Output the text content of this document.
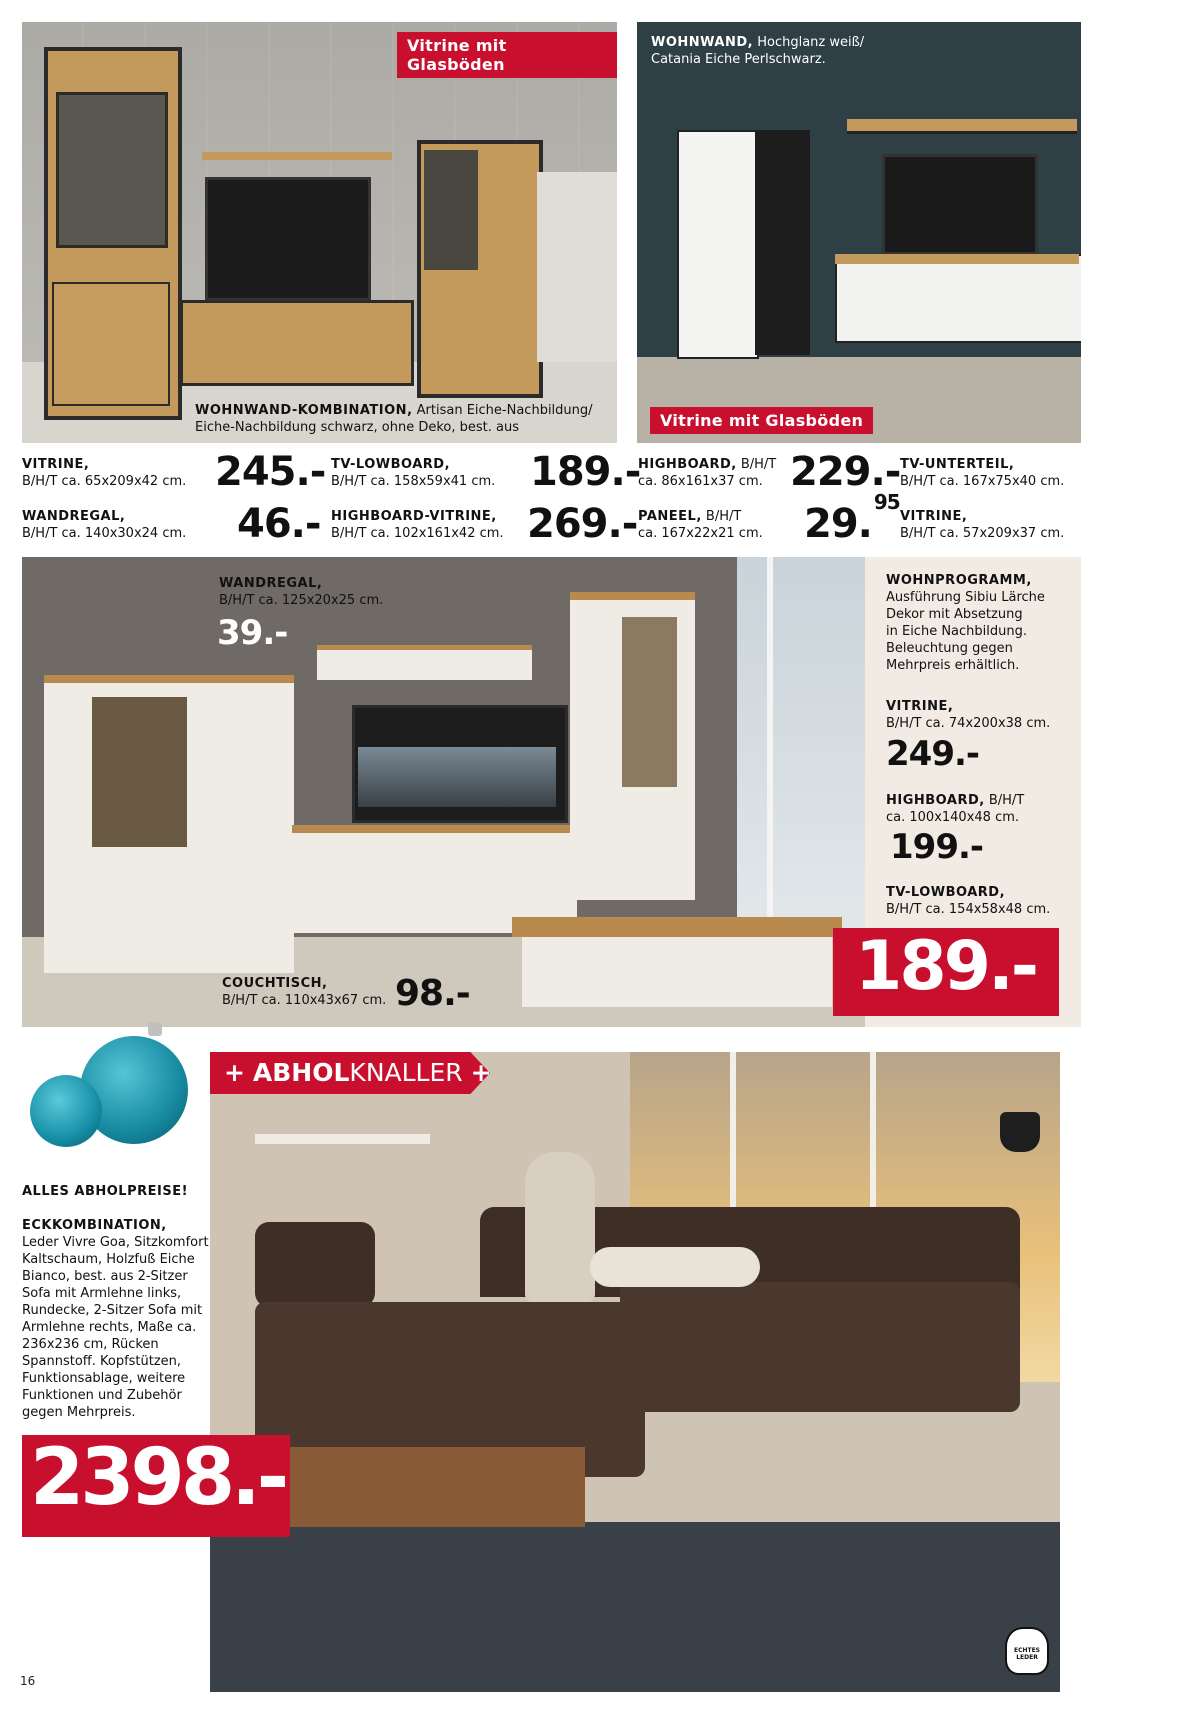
Vitrine mit Glasböden
WOHNWAND-KOMBINATION, Artisan Eiche-Nachbildung/
Eiche-Nachbildung schwarz, ohne Deko, best. aus
WOHNWAND, Hochglanz weiß/
Catania Eiche Perlschwarz.
Vitrine mit Glasböden
VITRINE,
B/H/T ca. 65x209x42 cm. 245.- TV-LOWBOARD,
B/H/T ca. 158x59x41 cm. 189.-
HIGHBOARD, B/H/T
ca. 86x161x37 cm. 229.- TV-UNTERTEIL,
B/H/T ca. 167x75x40 cm.
WANDREGAL,
B/H/T ca. 140x30x24 cm.	46.- HIGHBOARD-VITRINE,
B/H/T ca. 102x161x42 cm. 269.- PANEEL, B/H/T
ca. 167x22x21 cm.	29. $^{95}$
VITRINE,
B/H/T ca. 57x209x37 cm.
WANDREGAL,
B/H/T ca. 125x20x25 cm.
39.-
COUCHTISCH,
B/H/T ca. 110x43x67 cm. 98.-
WOHNPROGRAMM,
Ausführung Sibiu Lärche
Dekor mit Absetzung
in Eiche Nachbildung.
Beleuchtung gegen
Mehrpreis erhältlich.
VITRINE,
B/H/T ca. 74x200x38 cm.
249.-
HIGHBOARD, B/H/T
ca. 100x140x48 cm.
199.-
TV-LOWBOARD,
B/H/T ca. 154x58x48 cm.
189.-
ALLES ABHOLPREISE!
ECKKOMBINATION,
Leder Vivre Goa, Sitzkomfort
Kaltschaum, Holzfuß Eiche
Bianco, best. aus 2-Sitzer
Sofa mit Armlehne links,
Rundecke, 2-Sitzer Sofa mit
Armlehne rechts, Maße ca.
236x236 cm, Rücken
Spannstoff. Kopfstützen,
Funktionsablage, weitere
Funktionen und Zubehör
gegen Mehrpreis.
+ ABHOLKNALLER +
ECHTES LEDER
2398.-
16
